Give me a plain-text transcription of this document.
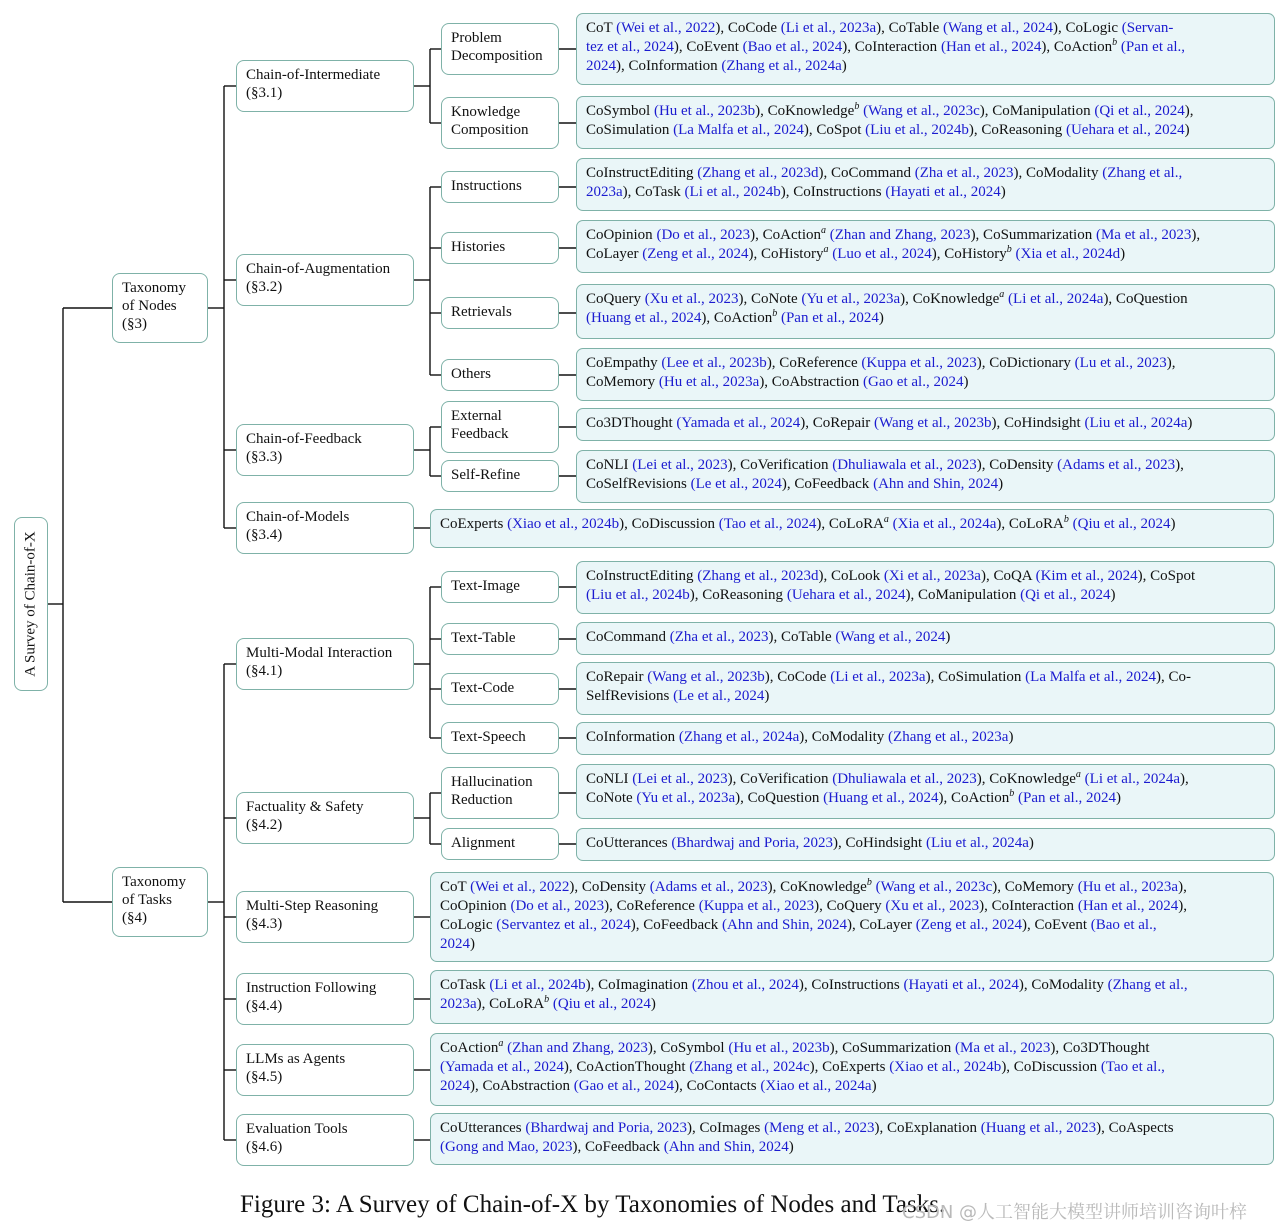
A Survey of Chain-of-X
Taxonomy
of Nodes
(§3)
Taxonomy
of Tasks
(§4)
Chain-of-Intermediate
(§3.1)
Chain-of-Augmentation
(§3.2)
Chain-of-Feedback
(§3.3)
Chain-of-Models
(§3.4)
Multi-Modal Interaction
(§4.1)
Factuality & Safety
(§4.2)
Multi-Step Reasoning
(§4.3)
Instruction Following
(§4.4)
LLMs as Agents
(§4.5)
Evaluation Tools
(§4.6)
Problem
Decomposition
CoT (Wei et al., 2022), CoCode (Li et al., 2023a), CoTable (Wang et al., 2024), CoLogic (Servan-
tez et al., 2024), CoEvent (Bao et al., 2024), CoInteraction (Han et al., 2024), CoAction$^b$ (Pan et al.,
2024), CoInformation (Zhang et al., 2024a)
Knowledge
Composition
CoSymbol (Hu et al., 2023b), CoKnowledge$^b$ (Wang et al., 2023c), CoManipulation (Qi et al., 2024),
CoSimulation (La Malfa et al., 2024), CoSpot (Liu et al., 2024b), CoReasoning (Uehara et al., 2024)
Instructions
CoInstructEditing (Zhang et al., 2023d), CoCommand (Zha et al., 2023), CoModality (Zhang et al.,
2023a), CoTask (Li et al., 2024b), CoInstructions (Hayati et al., 2024)
Histories
CoOpinion (Do et al., 2023), CoAction$^a$ (Zhan and Zhang, 2023), CoSummarization (Ma et al., 2023),
CoLayer (Zeng et al., 2024), CoHistory$^a$ (Luo et al., 2024), CoHistory$^b$ (Xia et al., 2024d)
Retrievals
CoQuery (Xu et al., 2023), CoNote (Yu et al., 2023a), CoKnowledge$^a$ (Li et al., 2024a), CoQuestion
(Huang et al., 2024), CoAction$^b$ (Pan et al., 2024)
Others
CoEmpathy (Lee et al., 2023b), CoReference (Kuppa et al., 2023), CoDictionary (Lu et al., 2023),
CoMemory (Hu et al., 2023a), CoAbstraction (Gao et al., 2024)
External
Feedback
Co3DThought (Yamada et al., 2024), CoRepair (Wang et al., 2023b), CoHindsight (Liu et al., 2024a)
Self-Refine
CoNLI (Lei et al., 2023), CoVerification (Dhuliawala et al., 2023), CoDensity (Adams et al., 2023),
CoSelfRevisions (Le et al., 2024), CoFeedback (Ahn and Shin, 2024)
Text-Image
CoInstructEditing (Zhang et al., 2023d), CoLook (Xi et al., 2023a), CoQA (Kim et al., 2024), CoSpot
(Liu et al., 2024b), CoReasoning (Uehara et al., 2024), CoManipulation (Qi et al., 2024)
Text-Table	CoCommand (Zha et al., 2023), CoTable (Wang et al., 2024)
Text-Code
CoRepair (Wang et al., 2023b), CoCode (Li et al., 2023a), CoSimulation (La Malfa et al., 2024), Co-
SelfRevisions (Le et al., 2024)
Text-Speech	CoInformation (Zhang et al., 2024a), CoModality (Zhang et al., 2023a)
Hallucination
Reduction
CoNLI (Lei et al., 2023), CoVerification (Dhuliawala et al., 2023), CoKnowledge$^a$ (Li et al., 2024a),
CoNote (Yu et al., 2023a), CoQuestion (Huang et al., 2024), CoAction$^b$ (Pan et al., 2024)
Alignment	CoUtterances (Bhardwaj and Poria, 2023), CoHindsight (Liu et al., 2024a)
CoExperts (Xiao et al., 2024b), CoDiscussion (Tao et al., 2024), CoLoRA$^a$ (Xia et al., 2024a), CoLoRA$^b$ (Qiu et al., 2024)
CoT (Wei et al., 2022), CoDensity (Adams et al., 2023), CoKnowledge$^b$ (Wang et al., 2023c), CoMemory (Hu et al., 2023a),
CoOpinion (Do et al., 2023), CoReference (Kuppa et al., 2023), CoQuery (Xu et al., 2023), CoInteraction (Han et al., 2024),
CoLogic (Servantez et al., 2024), CoFeedback (Ahn and Shin, 2024), CoLayer (Zeng et al., 2024), CoEvent (Bao et al.,
2024)
CoTask (Li et al., 2024b), CoImagination (Zhou et al., 2024), CoInstructions (Hayati et al., 2024), CoModality (Zhang et al.,
2023a), CoLoRA$^b$ (Qiu et al., 2024)
CoAction$^a$ (Zhan and Zhang, 2023), CoSymbol (Hu et al., 2023b), CoSummarization (Ma et al., 2023), Co3DThought
(Yamada et al., 2024), CoActionThought (Zhang et al., 2024c), CoExperts (Xiao et al., 2024b), CoDiscussion (Tao et al.,
2024), CoAbstraction (Gao et al., 2024), CoContacts (Xiao et al., 2024a)
CoUtterances (Bhardwaj and Poria, 2023), CoImages (Meng et al., 2023), CoExplanation (Huang et al., 2023), CoAspects
(Gong and Mao, 2023), CoFeedback (Ahn and Shin, 2024)
Figure 3: A Survey of Chain-of-X by Taxonomies of Nodes and Tasks.
CSDN @人工智能大模型讲师培训咨询叶梓
